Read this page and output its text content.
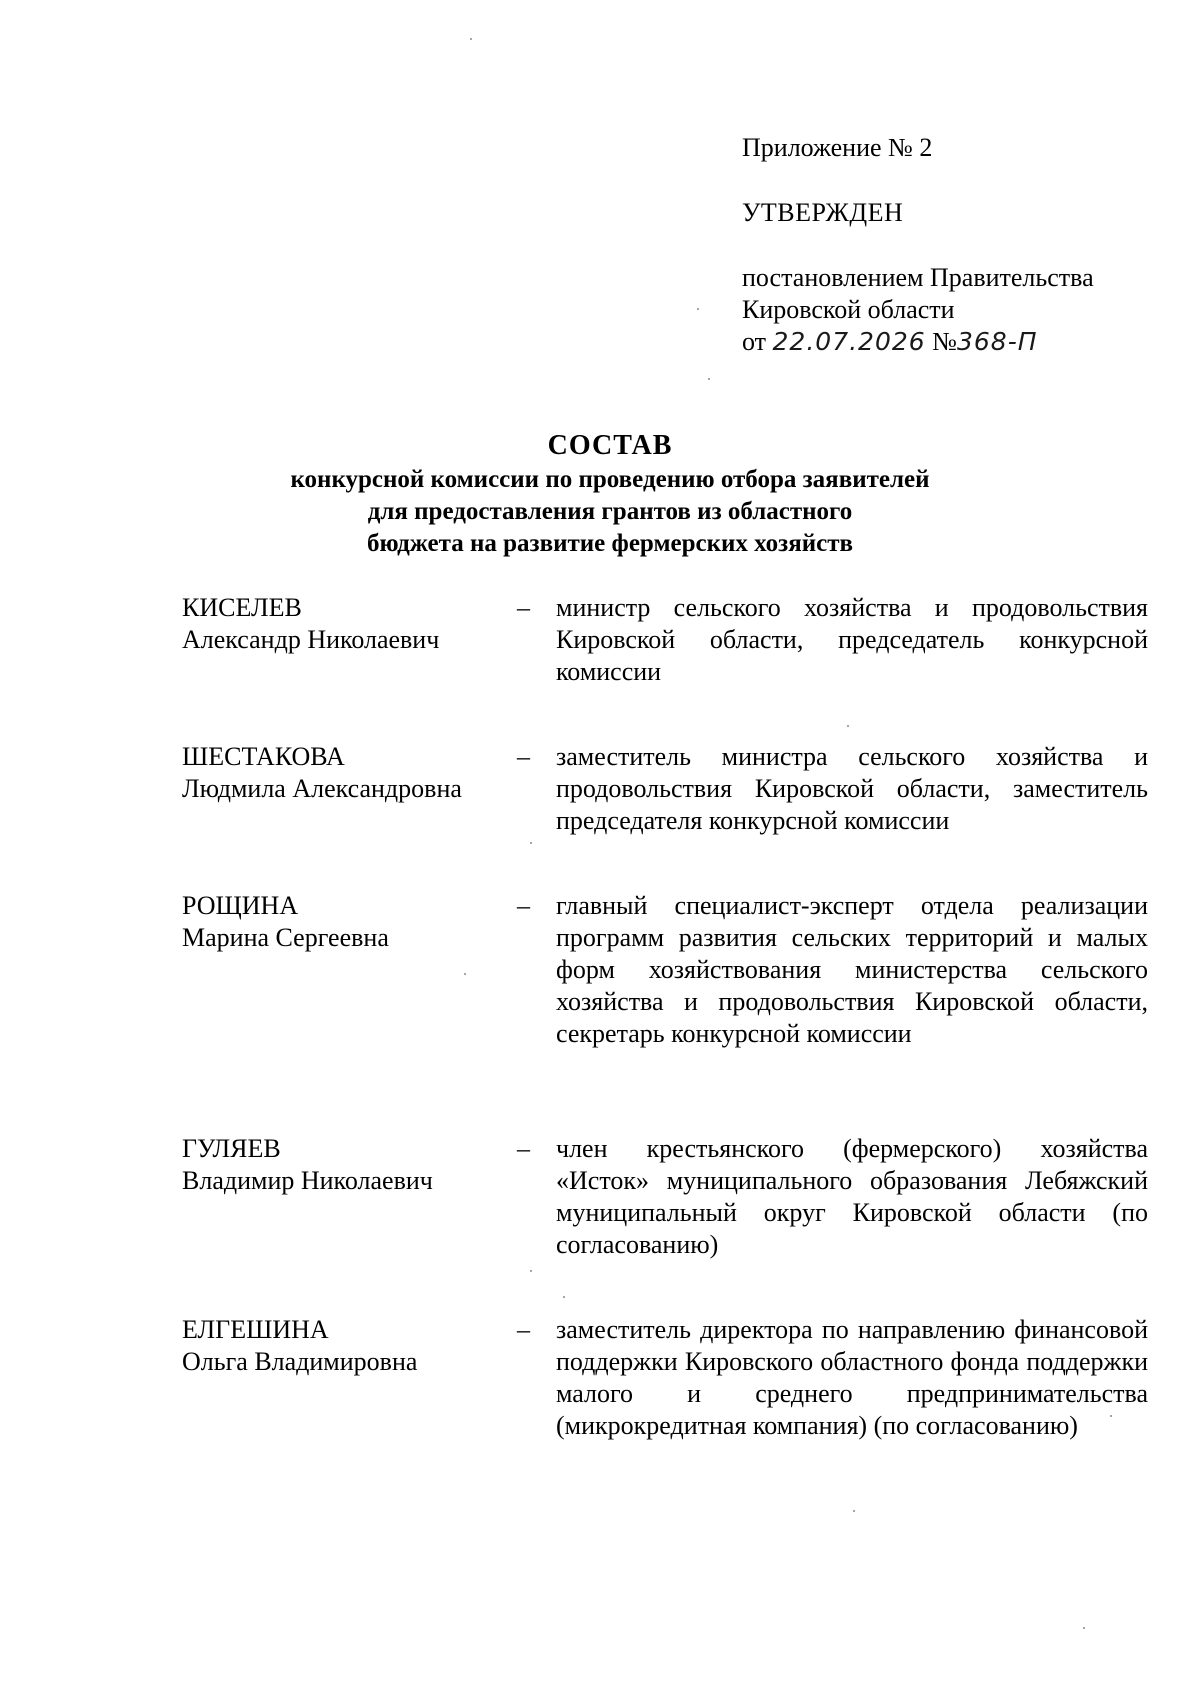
Приложение № 2
УТВЕРЖДЕН
постановлением Правительства
Кировской области
от 22.07.2026 №368-П
СОСТАВ
конкурсной комиссии по проведению отбора заявителей
для предоставления грантов из областного
бюджета на развитие фермерских хозяйств
КИСЕЛЕВ
Александр Николаевич
– министр сельского хозяйства и продовольствия Кировской области, председатель конкурсной комиссии
ШЕСТАКОВА
Людмила Александровна
– заместитель министра сельского хозяйства и продовольствия Кировской области, заместитель председателя конкурсной комиссии
РОЩИНА
Марина Сергеевна
– главный специалист-эксперт отдела реализации программ развития сельских территорий и малых форм хозяйствования министерства сельского хозяйства и продовольствия Кировской области, секретарь конкурсной комиссии
ГУЛЯЕВ
Владимир Николаевич
– член крестьянского (фермерского) хозяйства «Исток» муниципального образования Лебяжский муниципальный округ Кировской области (по согласованию)
ЕЛГЕШИНА
Ольга Владимировна
– заместитель директора по направлению финансовой поддержки Кировского областного фонда поддержки малого и среднего предпринимательства (микрокредитная компания) (по согласованию)
